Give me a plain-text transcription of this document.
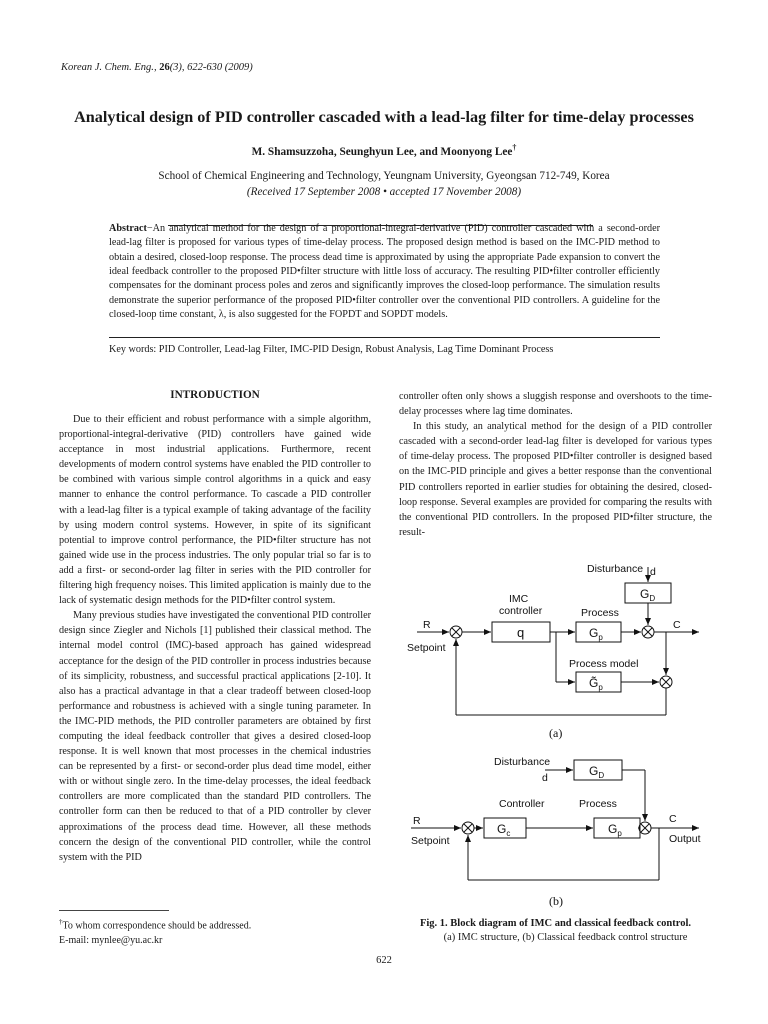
Korean J. Chem. Eng., 26(3), 622-630 (2009)
Analytical design of PID controller cascaded with a lead-lag filter for time-delay processes
M. Shamsuzzoha, Seunghyun Lee, and Moonyong Lee†
School of Chemical Engineering and Technology, Yeungnam University, Gyeongsan 712-749, Korea
(Received 17 September 2008 • accepted 17 November 2008)
Abstract−An analytical method for the design of a proportional-integral-derivative (PID) controller cascaded with a second-order lead-lag filter is proposed for various types of time-delay process. The proposed design method is based on the IMC-PID method to obtain a desired, closed-loop response. The process dead time is approximated by using the appropriate Pade expansion to convert the ideal feedback controller to the proposed PID•filter structure with little loss of accuracy. The resulting PID•filter controller efficiently compensates for the dominant process poles and zeros and significantly improves the closed-loop performance. The simulation results demonstrate the superior performance of the proposed PID•filter controller over the conventional PID controllers. A guideline for the closed-loop time constant, λ, is also suggested for the FOPDT and SOPDT models.
Key words: PID Controller, Lead-lag Filter, IMC-PID Design, Robust Analysis, Lag Time Dominant Process
INTRODUCTION

Due to their efficient and robust performance with a simple algorithm, proportional-integral-derivative (PID) controllers have gained wide acceptance in most industrial applications. Furthermore, recent developments of modern control systems have enabled the PID controller to be combined with various simple control algorithms in a quick and easy manner to enhance the control performance. To cascade a PID controller with a lead-lag filter is a typical example of taking advantage of the facility by using modern control systems. However, in spite of its significant potential to improve control performance, the PID•filter structure has not gained wide use in the process industries. The only popular trial so far is to add a first- or second-order lag filter in series with the PID controller for filtering high frequency noises. This limited application is mainly due to the lack of systematic design methods for the PID•filter control system.

Many previous studies have investigated the conventional PID controller design since Ziegler and Nichols [1] published their classical method. The internal model control (IMC)-based approach has gained widespread acceptance for the design of the PID controller in process industries because of its simplicity, robustness, and successful practical applications [2-10]. It also has a practical advantage in that a clear tradeoff between closed-loop performance and robustness is achieved with a single tuning parameter. In the IMC-PID methods, the PID controller parameters are obtained by first computing the ideal feedback controller that gives a desired closed-loop response. It is well known that most processes in the chemical industries can be represented by a first- or second-order plus dead time model, either with or without single zero. In the time-delay processes, the ideal feedback controllers are more complicated than the standard PID controllers. The controller form can then be reduced to that of a PID controller by clever approximations of the process dead time. However, all these methods concern the design of the conventional PID controller, while the control system with the PID

controller often only shows a sluggish response and overshoots to the time-delay processes where lag time dominates.

In this study, an analytical method for the design of a PID controller cascaded with a second-order lead-lag filter is developed for various types of time-delay process. The proposed PID•filter controller is designed based on the IMC-PID principle and gives a better response than the conventional PID controllers reported in earlier studies for obtaining the desired, closed-loop response. Several examples are provided for comparing the results with the conventional PID controllers. In the proposed PID•filter structure, the result-

Disturbance d
$G_D$
IMC
controller	Process
R
Setpoint
q	$G_p$
C
Process model
$G̃_p$
(a)
Disturbance
d	$G_D$
Controller	Process
R
Setpoint
$G_c$	$G_p$
C
Output
(b)
Fig. 1. Block diagram of IMC and classical feedback control.
(a) IMC structure, (b) Classical feedback control structure
†To whom correspondence should be addressed.
E-mail: mynlee@yu.ac.kr
622
